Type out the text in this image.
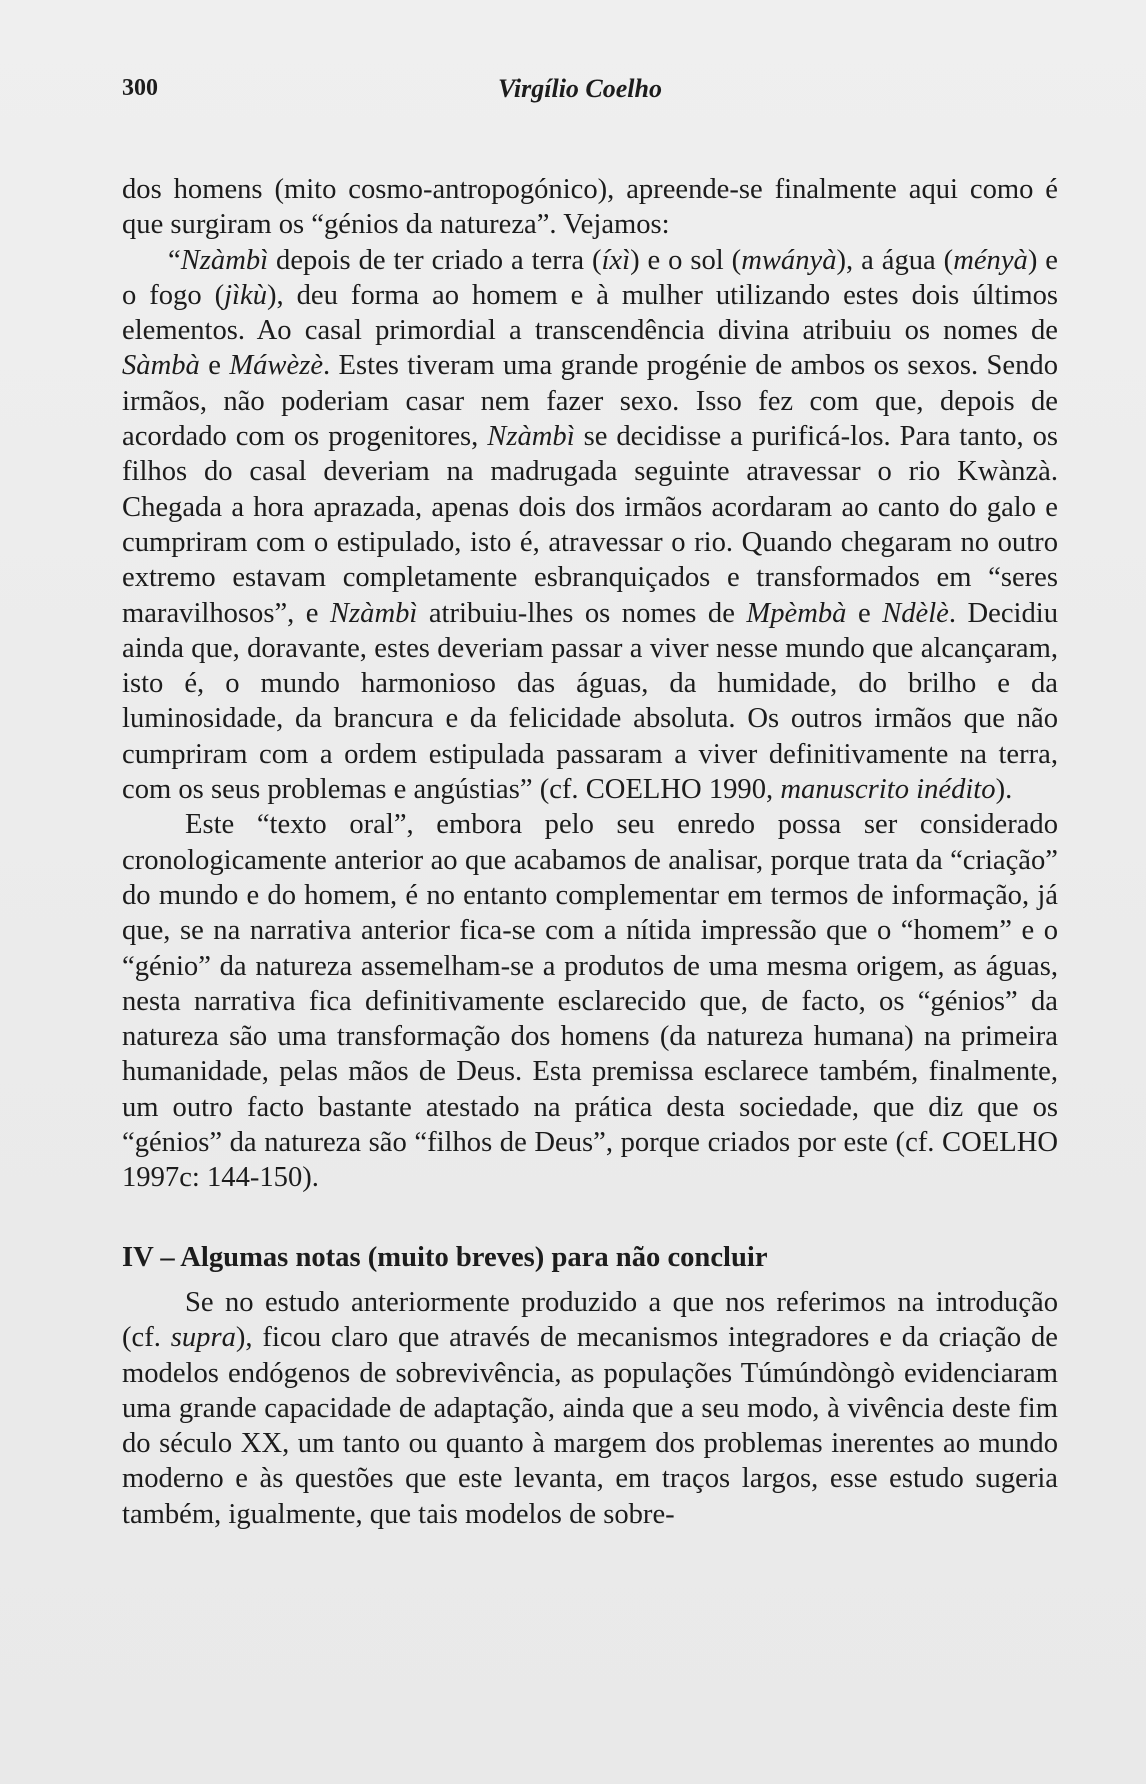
300	Virgílio Coelho

dos homens (mito cosmo-antropogónico), apreende-se finalmente aqui como é que surgiram os “génios da natureza”. Vejamos:

“Nzàmbì depois de ter criado a terra (íxì) e o sol (mwányà), a água (ményà) e o fogo (jìkù), deu forma ao homem e à mulher utilizando estes dois últimos elementos. Ao casal primordial a transcendência divina atribuiu os nomes de Sàmbà e Máwèzè. Estes tiveram uma grande progénie de ambos os sexos. Sendo irmãos, não poderiam casar nem fazer sexo. Isso fez com que, depois de acordado com os progenitores, Nzàmbì se decidisse a purificá-los. Para tanto, os filhos do casal deveriam na madrugada seguinte atravessar o rio Kwànzà. Chegada a hora aprazada, apenas dois dos irmãos acordaram ao canto do galo e cumpriram com o estipulado, isto é, atravessar o rio. Quando chegaram no outro extremo estavam completamente esbranquiçados e transformados em “seres maravilhosos”, e Nzàmbì atribuiu-lhes os nomes de Mpèmbà e Ndèlè. Decidiu ainda que, doravante, estes deveriam passar a viver nesse mundo que alcançaram, isto é, o mundo harmonioso das águas, da humidade, do brilho e da luminosidade, da brancura e da felicidade absoluta. Os outros irmãos que não cumpriram com a ordem estipulada passaram a viver definitivamente na terra, com os seus problemas e angústias” (cf. COELHO 1990, manuscrito inédito).

Este “texto oral”, embora pelo seu enredo possa ser considerado cronologicamente anterior ao que acabamos de analisar, porque trata da “criação” do mundo e do homem, é no entanto complementar em termos de informação, já que, se na narrativa anterior fica-se com a nítida impressão que o “homem” e o “génio” da natureza assemelham-se a produtos de uma mesma origem, as águas, nesta narrativa fica definitivamente esclarecido que, de facto, os “génios” da natureza são uma transformação dos homens (da natureza humana) na primeira humanidade, pelas mãos de Deus. Esta premissa esclarece também, finalmente, um outro facto bastante atestado na prática desta sociedade, que diz que os “génios” da natureza são “filhos de Deus”, porque criados por este (cf. COELHO 1997c: 144-150).

IV – Algumas notas (muito breves) para não concluir

Se no estudo anteriormente produzido a que nos referimos na introdução (cf. supra), ficou claro que através de mecanismos integradores e da criação de modelos endógenos de sobrevivência, as populações Túmúndòngò evidenciaram uma grande capacidade de adaptação, ainda que a seu modo, à vivência deste fim do século XX, um tanto ou quanto à margem dos problemas inerentes ao mundo moderno e às questões que este levanta, em traços largos, esse estudo sugeria também, igualmente, que tais modelos de sobre-
